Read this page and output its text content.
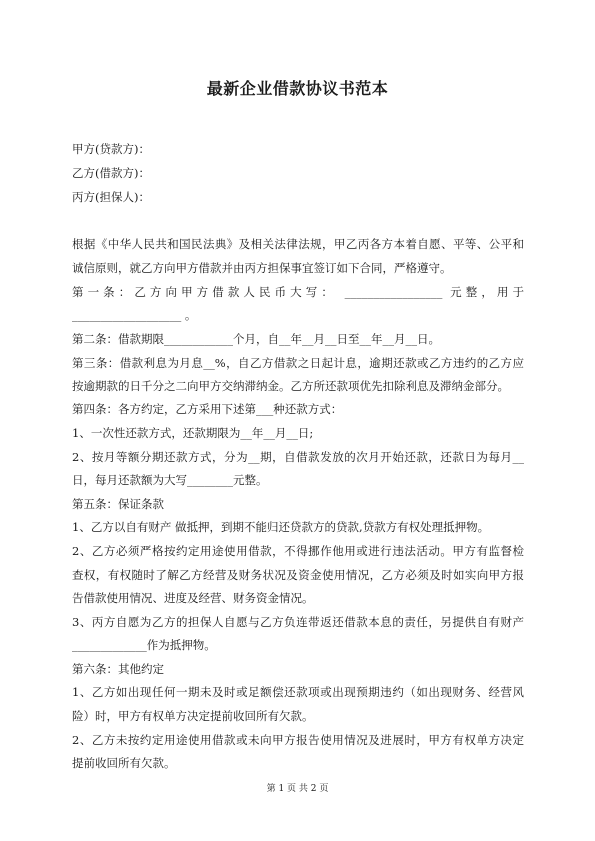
最新企业借款协议书范本
甲方(贷款方)：
乙方(借款方)：
丙方(担保人)：
根据《中华人民共和国民法典》及相关法律法规，甲乙丙各方本着自愿、平等、公平和
诚信原则，就乙方向甲方借款并由丙方担保事宜签订如下合同，严格遵守。
第一条：乙方向甲方借款人民币大写： _________________ 元整，用于
___________________ 。
第二条：借款期限____________个月，自__年__月__日至__年__月__日。
第三条：借款利息为月息__%，自乙方借款之日起计息，逾期还款或乙方违约的乙方应
按逾期款的日千分之二向甲方交纳滞纳金。乙方所还款项优先扣除利息及滞纳金部分。
第四条：各方约定，乙方采用下述第___种还款方式：
1、一次性还款方式，还款期限为__年__月__日;
2、按月等额分期还款方式，分为__期，自借款发放的次月开始还款，还款日为每月__
日，每月还款额为大写________元整。
第五条：保证条款
1、乙方以自有财产 做抵押，到期不能归还贷款方的贷款,贷款方有权处理抵押物。
2、乙方必须严格按约定用途使用借款，不得挪作他用或进行违法活动。甲方有监督检
查权，有权随时了解乙方经营及财务状况及资金使用情况，乙方必须及时如实向甲方报
告借款使用情况、进度及经营、财务资金情况。
3、丙方自愿为乙方的担保人自愿与乙方负连带返还借款本息的责任，另提供自有财产
_____________作为抵押物。
第六条：其他约定
1、乙方如出现任何一期未及时或足额偿还款项或出现预期违约（如出现财务、经营风
险）时，甲方有权单方决定提前收回所有欠款。
2、乙方未按约定用途使用借款或未向甲方报告使用情况及进展时，甲方有权单方决定
提前收回所有欠款。
第 1 页 共 2 页
